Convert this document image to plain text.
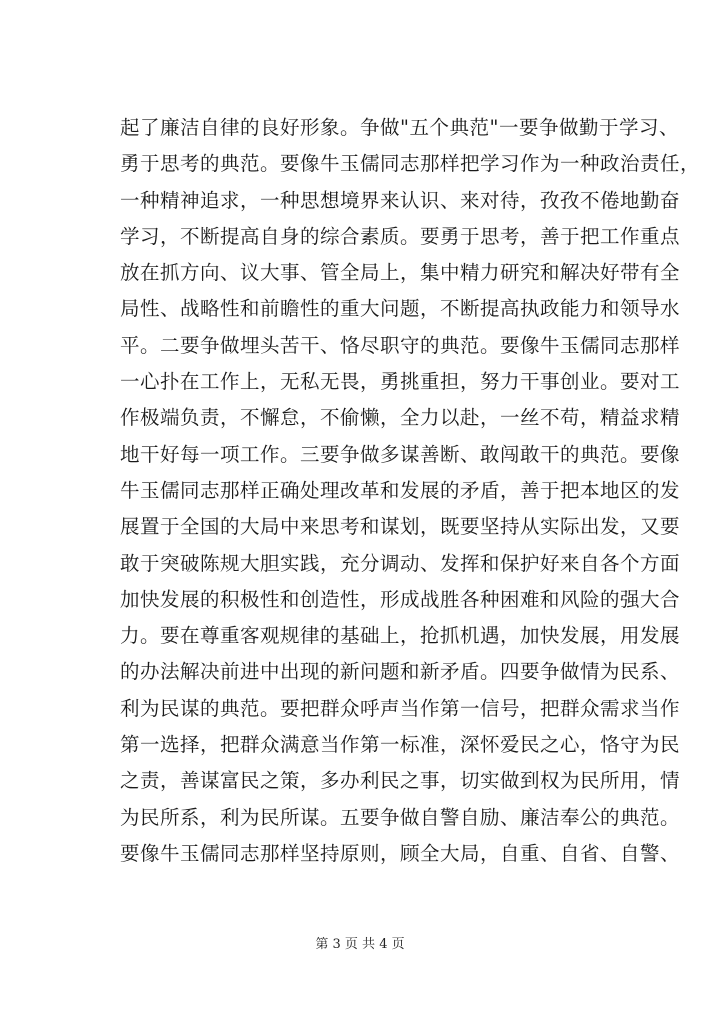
起了廉洁自律的良好形象。争做"五个典范"一要争做勤于学习、
勇于思考的典范。要像牛玉儒同志那样把学习作为一种政治责任，
一种精神追求，一种思想境界来认识、来对待，孜孜不倦地勤奋
学习，不断提高自身的综合素质。要勇于思考，善于把工作重点
放在抓方向、议大事、管全局上，集中精力研究和解决好带有全
局性、战略性和前瞻性的重大问题，不断提高执政能力和领导水
平。二要争做埋头苦干、恪尽职守的典范。要像牛玉儒同志那样
一心扑在工作上，无私无畏，勇挑重担，努力干事创业。要对工
作极端负责，不懈怠，不偷懒，全力以赴，一丝不苟，精益求精
地干好每一项工作。三要争做多谋善断、敢闯敢干的典范。要像
牛玉儒同志那样正确处理改革和发展的矛盾，善于把本地区的发
展置于全国的大局中来思考和谋划，既要坚持从实际出发，又要
敢于突破陈规大胆实践，充分调动、发挥和保护好来自各个方面
加快发展的积极性和创造性，形成战胜各种困难和风险的强大合
力。要在尊重客观规律的基础上，抢抓机遇，加快发展，用发展
的办法解决前进中出现的新问题和新矛盾。四要争做情为民系、
利为民谋的典范。要把群众呼声当作第一信号，把群众需求当作
第一选择，把群众满意当作第一标准，深怀爱民之心，恪守为民
之责，善谋富民之策，多办利民之事，切实做到权为民所用，情
为民所系，利为民所谋。五要争做自警自励、廉洁奉公的典范。
要像牛玉儒同志那样坚持原则，顾全大局，自重、自省、自警、
第 3 页 共 4 页
